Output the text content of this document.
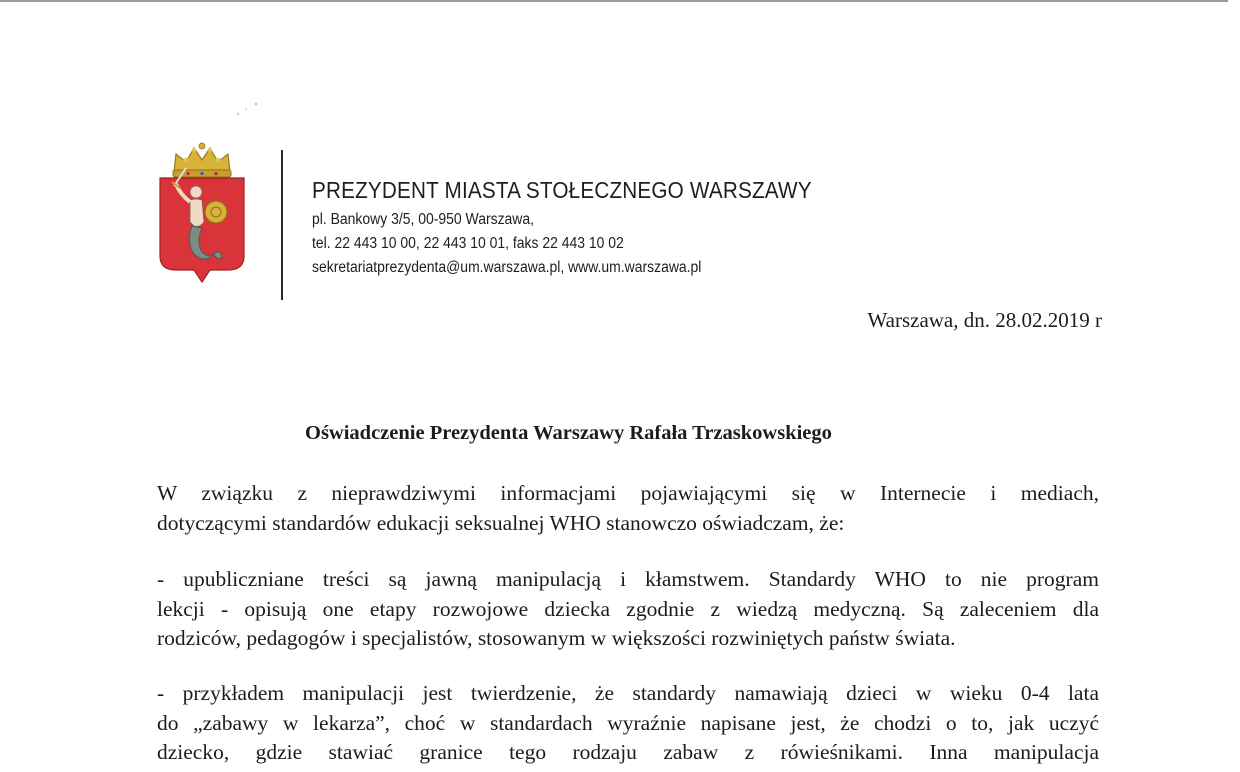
PREZYDENT MIASTA STOŁECZNEGO WARSZAWY
pl. Bankowy 3/5, 00-950 Warszawa,
tel. 22 443 10 00, 22 443 10 01, faks 22 443 10 02
sekretariatprezydenta@um.warszawa.pl, www.um.warszawa.pl
Warszawa, dn. 28.02.2019 r
Oświadczenie Prezydenta Warszawy Rafała Trzaskowskiego
W związku z nieprawdziwymi informacjami pojawiającymi się w Internecie i mediach,
dotyczącymi standardów edukacji seksualnej WHO stanowczo oświadczam, że:
- upubliczniane treści są jawną manipulacją i kłamstwem. Standardy WHO to nie program
lekcji - opisują one etapy rozwojowe dziecka zgodnie z wiedzą medyczną. Są zaleceniem dla
rodziców, pedagogów i specjalistów, stosowanym w większości rozwiniętych państw świata.
- przykładem manipulacji jest twierdzenie, że standardy namawiają dzieci w wieku 0-4 lata
do „zabawy w lekarza”, choć w standardach wyraźnie napisane jest, że chodzi o to, jak uczyć
dziecko, gdzie stawiać granice tego rodzaju zabaw z rówieśnikami. Inna manipulacja
